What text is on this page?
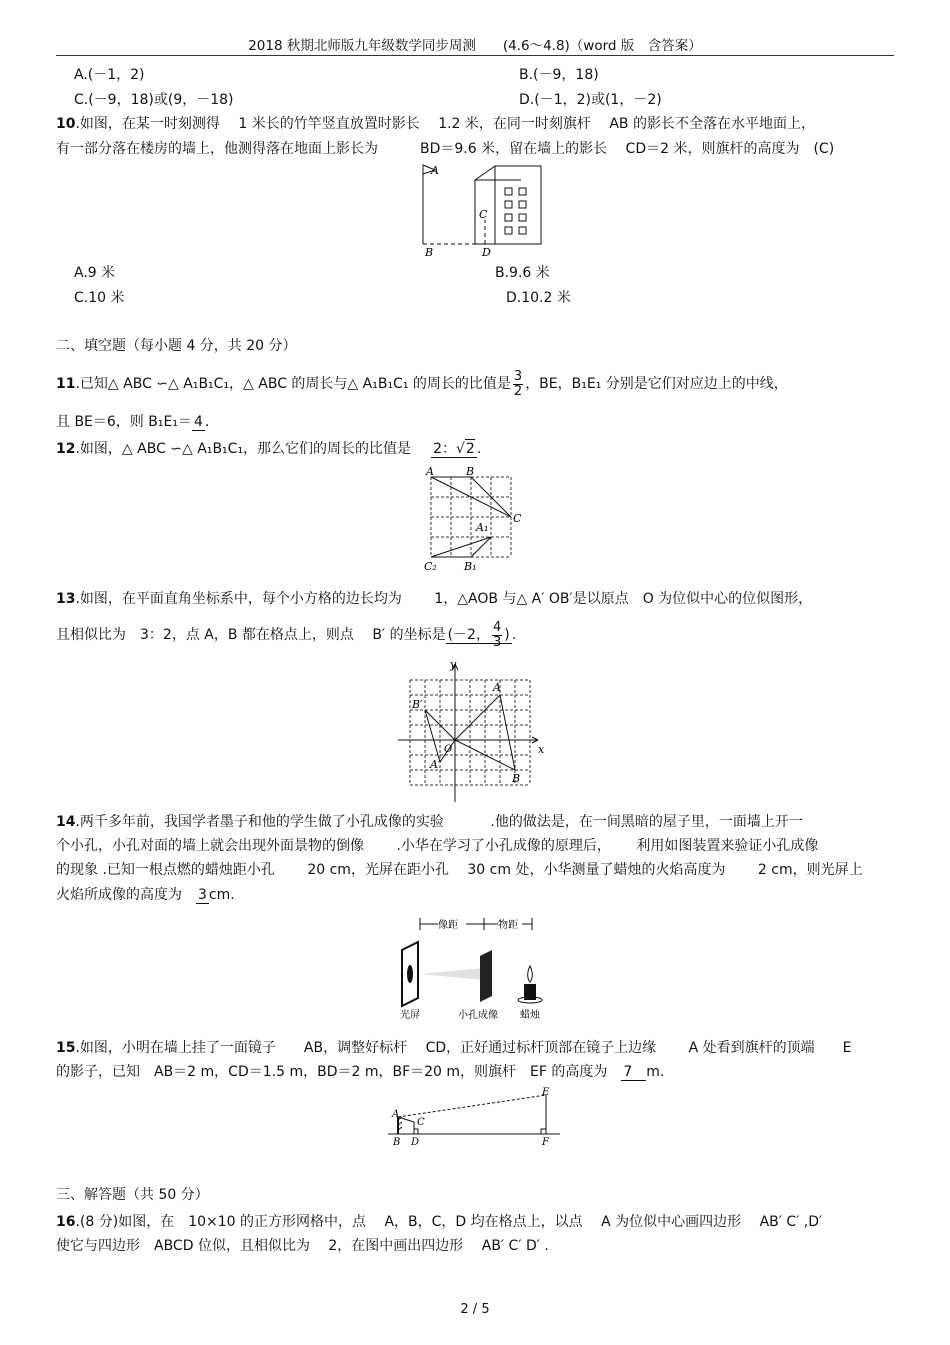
2018 秋期北师版九年级数学同步周测　　(4.6～4.8)（word 版　含答案）
A.(－1，2)	B.(－9，18)
C.(－9，18)或(9，－18)	D.(－1，2)或(1，－2)
10.如图，在某一时刻测得　 1 米长的竹竿竖直放置时影长　 1.2 米，在同一时刻旗杆　 AB 的影长不全落在水平地面上，
有一部分落在楼房的墙上，他测得落在地面上影长为　　　BD＝9.6 米，留在墙上的影长　 CD＝2 米，则旗杆的高度为　(C)
A
B
C
D
A.9 米	B.9.6 米
C.10 米	D.10.2 米
二、填空题（每小题 4 分，共 20 分）
11.已知△ ABC ∽△ A₁B₁C₁，△ ABC 的周长与△ A₁B₁C₁ 的周长的比值是 $\frac{3}{2}$ ，BE，B₁E₁ 分别是它们对应边上的中线，
且 BE＝6，则 B₁E₁＝ 4 .
12.如图，△ ABC ∽△ A₁B₁C₁，那么它们的周长的比值是 2：√2 .
A	B
C
A₁
C₂ B₁
13.如图，在平面直角坐标系中，每个小方格的边长均为　　 1，△AOB 与△ A′ OB′是以原点　O 为位似中心的位似图形，
且相似比为　3：2，点 A，B 都在格点上，则点　 B′ 的坐标是 (－2， $\frac{4}{3}$ ) .
y
x
O
A
B
B′
A′
14.两千多年前，我国学者墨子和他的学生做了小孔成像的实验　　　 .他的做法是，在一间黑暗的屋子里，一面墙上开一
个小孔，小孔对面的墙上就会出现外面景物的倒像　　 .小华在学习了小孔成像的原理后，　　 利用如图装置来验证小孔成像
的现象 .已知一根点燃的蜡烛距小孔　　 20 cm，光屏在距小孔　 30 cm 处，小华测量了蜡烛的火焰高度为　　 2 cm，则光屏上
火焰所成像的高度为　3 cm.
像距	物距
光屏	小孔成像 蜡烛
15.如图，小明在墙上挂了一面镜子　　AB，调整好标杆　 CD，正好通过标杆顶部在镜子上边缘　　 A 处看到旗杆的顶端　　E
的影子，已知　AB＝2 m，CD＝1.5 m，BD＝2 m，BF＝20 m，则旗杆　EF 的高度为　7 m.
A
C
B D
E
F
三、解答题（共 50 分）
16.(8 分)如图，在　10×10 的正方形网格中，点　 A，B，C，D 均在格点上，以点　 A 为位似中心画四边形　 AB′ C′ ,D′
使它与四边形　ABCD 位似，且相似比为　 2，在图中画出四边形　 AB′ C′ D′ .
2 / 5
